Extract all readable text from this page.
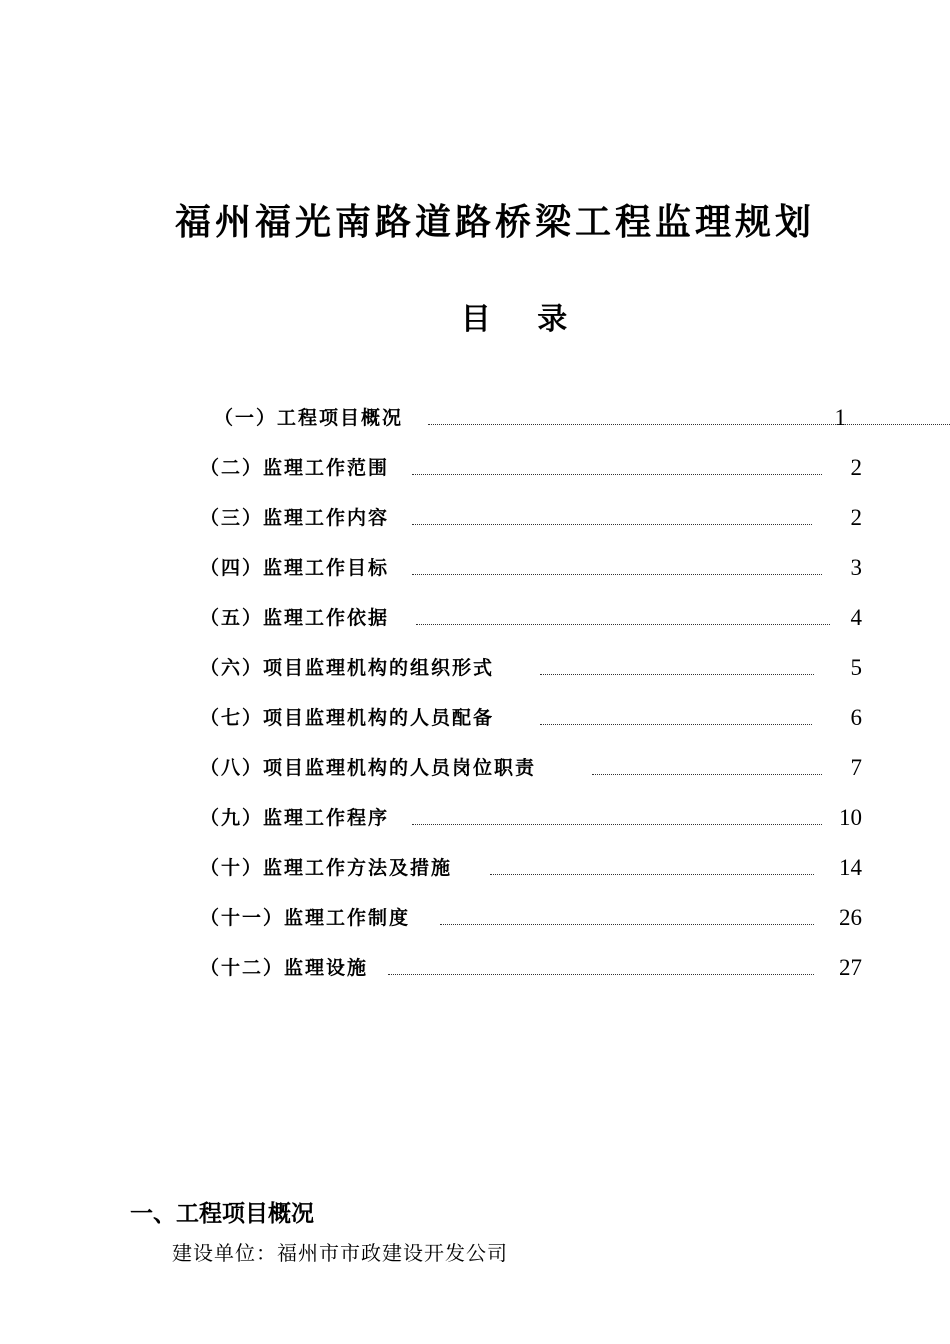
福州福光南路道路桥梁工程监理规划
目 录
（一）工程项目概况	1
（二）监理工作范围	2
（三）监理工作内容	2
（四）监理工作目标	3
（五）监理工作依据	4
（六）项目监理机构的组织形式	5
（七）项目监理机构的人员配备	6
（八）项目监理机构的人员岗位职责	7
（九）监理工作程序	10
（十）监理工作方法及措施	14
（十一）监理工作制度	26
（十二）监理设施	27
一、工程项目概况
建设单位：福州市市政建设开发公司
